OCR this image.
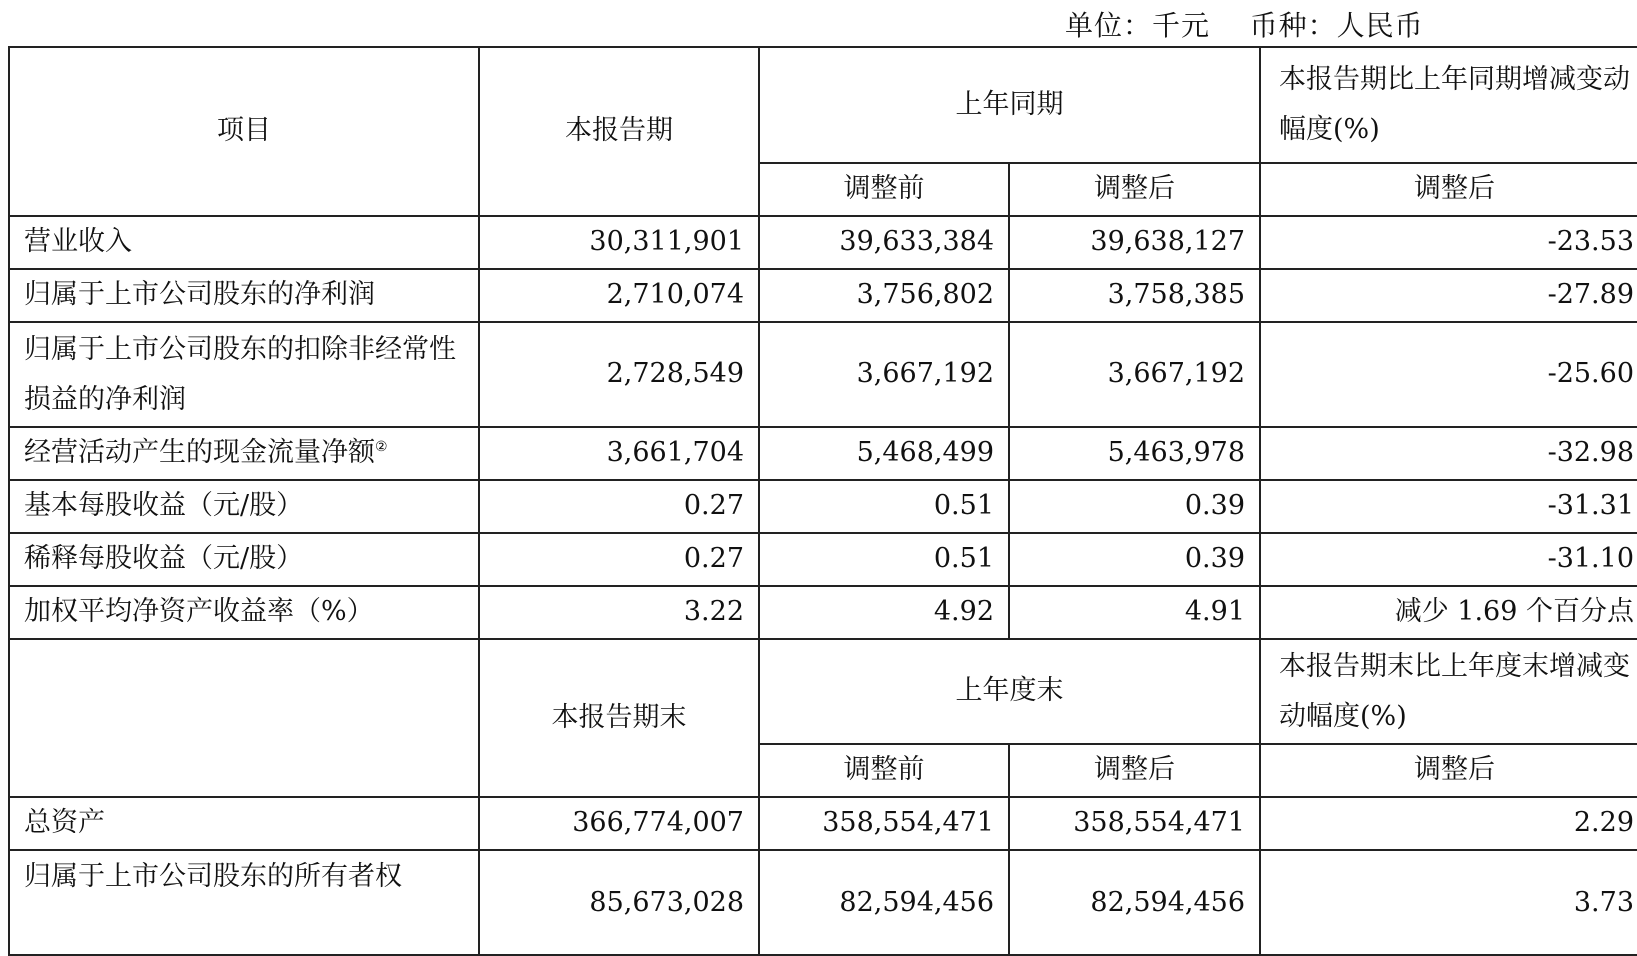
单位：千元    币种：人民币
项目	本报告期	上年同期		本报告期比上年同期增减变动幅度(%)
		调整前	调整后	调整后
营业收入	30,311,901	39,633,384	39,638,127	-23.53
归属于上市公司股东的净利润	2,710,074	3,756,802	3,758,385	-27.89
归属于上市公司股东的扣除非经常性损益的净利润	2,728,549	3,667,192	3,667,192	-25.60
经营活动产生的现金流量净额②	3,661,704	5,468,499	5,463,978	-32.98
基本每股收益（元/股）	0.27	0.51	0.39	-31.31
稀释每股收益（元/股）	0.27	0.51	0.39	-31.10
加权平均净资产收益率（%）	3.22	4.92	4.91	减少 1.69 个百分点
	本报告期末	上年度末		本报告期末比上年度末增减变动幅度(%)
		调整前	调整后	调整后
总资产	366,774,007	358,554,471	358,554,471	2.29
归属于上市公司股东的所有者权	85,673,028	82,594,456	82,594,456	3.73
